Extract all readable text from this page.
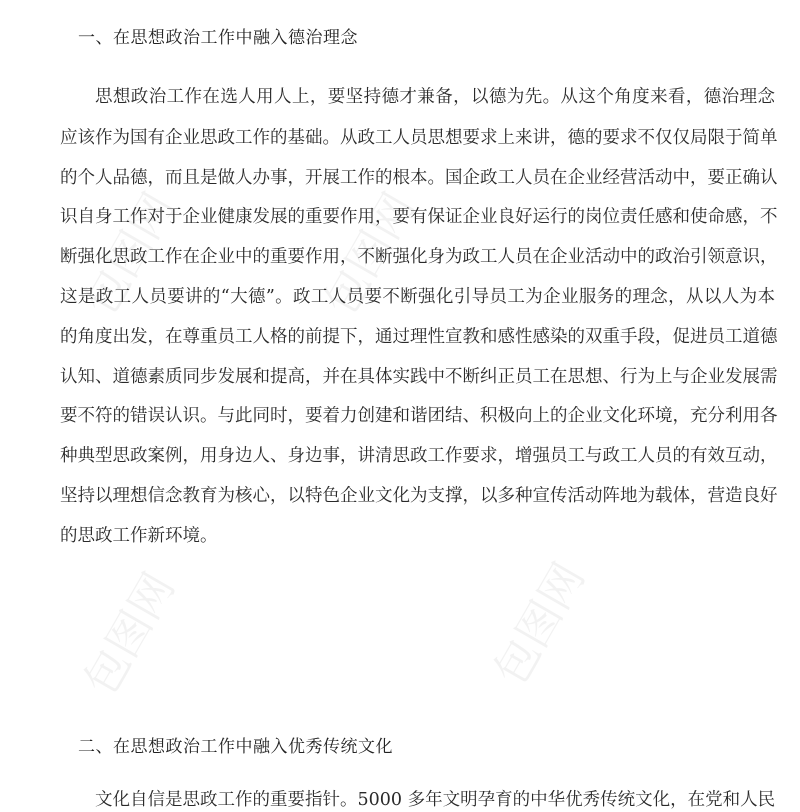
包图网	包图网
包图网	包图网
一、在思想政治工作中融入德治理念
思想政治工作在选人用人上，要坚持德才兼备，以德为先。从这个角度来看，德治理念
应该作为国有企业思政工作的基础。从政工人员思想要求上来讲，德的要求不仅仅局限于简单
的个人品德，而且是做人办事，开展工作的根本。国企政工人员在企业经营活动中，要正确认
识自身工作对于企业健康发展的重要作用，要有保证企业良好运行的岗位责任感和使命感，不
断强化思政工作在企业中的重要作用，不断强化身为政工人员在企业活动中的政治引领意识，
这是政工人员要讲的“大德”。政工人员要不断强化引导员工为企业服务的理念，从以人为本
的角度出发，在尊重员工人格的前提下，通过理性宣教和感性感染的双重手段，促进员工道德
认知、道德素质同步发展和提高，并在具体实践中不断纠正员工在思想、行为上与企业发展需
要不符的错误认识。与此同时，要着力创建和谐团结、积极向上的企业文化环境，充分利用各
种典型思政案例，用身边人、身边事，讲清思政工作要求，增强员工与政工人员的有效互动，
坚持以理想信念教育为核心，以特色企业文化为支撑，以多种宣传活动阵地为载体，营造良好
的思政工作新环境。
二、在思想政治工作中融入优秀传统文化
文化自信是思政工作的重要指针。5000 多年文明孕育的中华优秀传统文化，在党和人民
